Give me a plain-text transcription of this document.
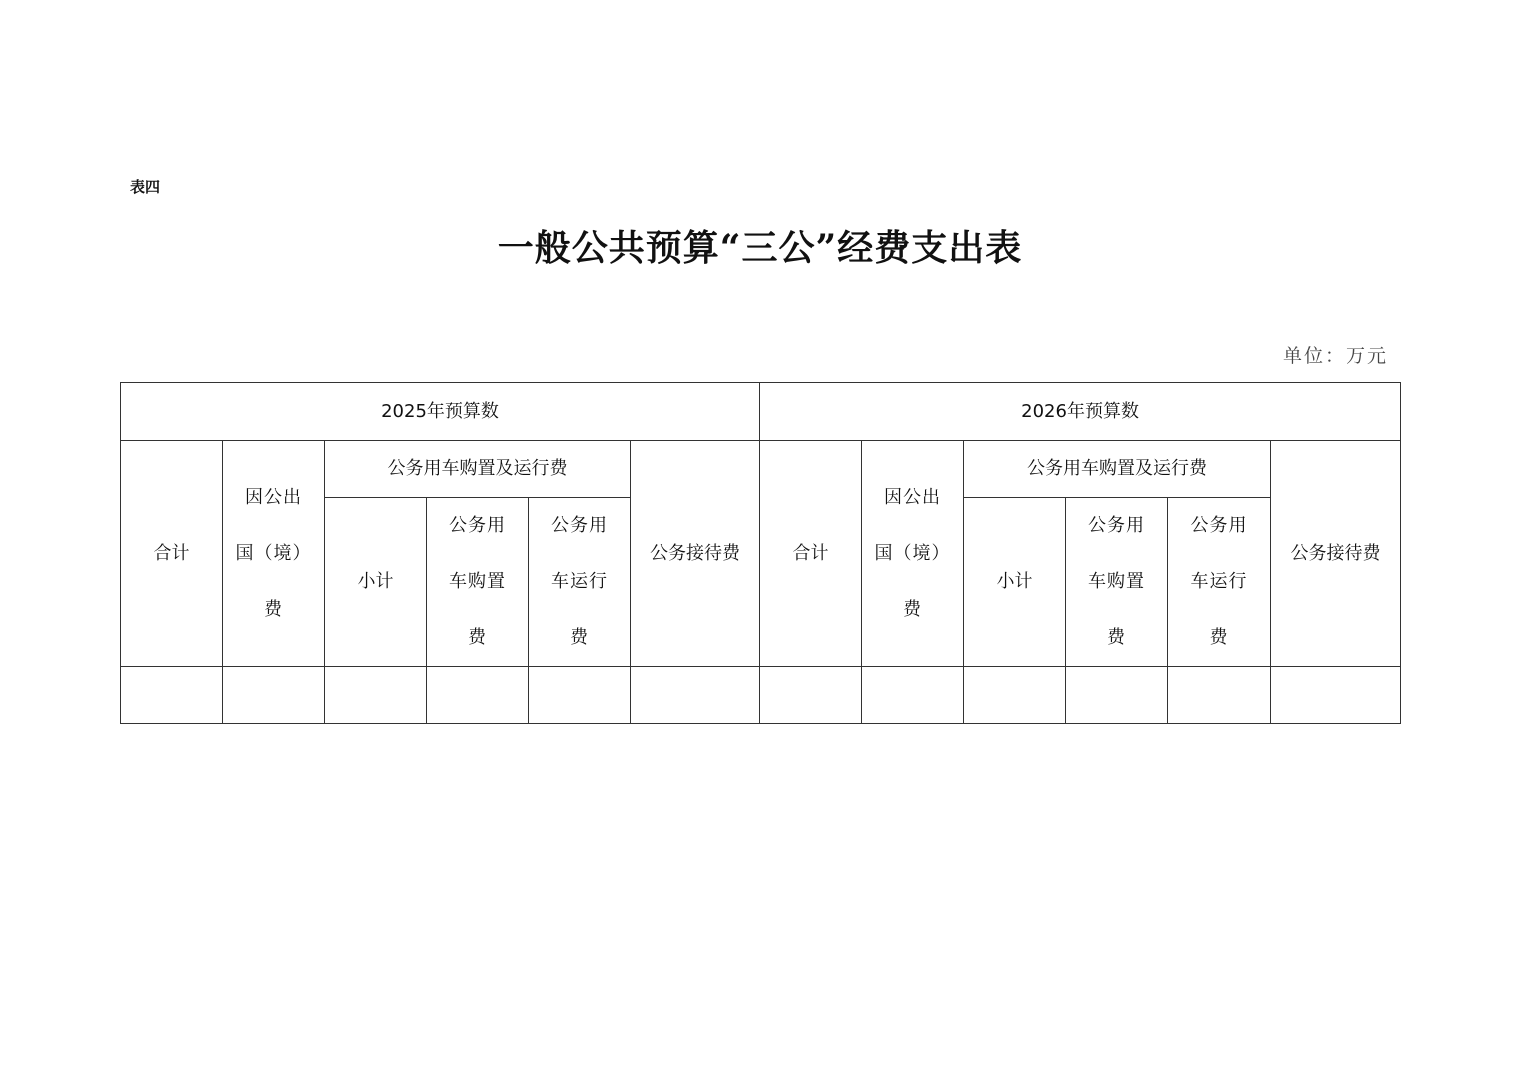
表四
一般公共预算“三公”经费支出表
单位：万元
2025年预算数						2026年预算数					
合计	因公出
国（境）
费	公务用车购置及运行费			公务接待费	合计	因公出
国（境）
费	公务用车购置及运行费			公务接待费
		小计	公务用
车购置
费	公务用
车运行
费				小计	公务用
车购置
费	公务用
车运行
费	
